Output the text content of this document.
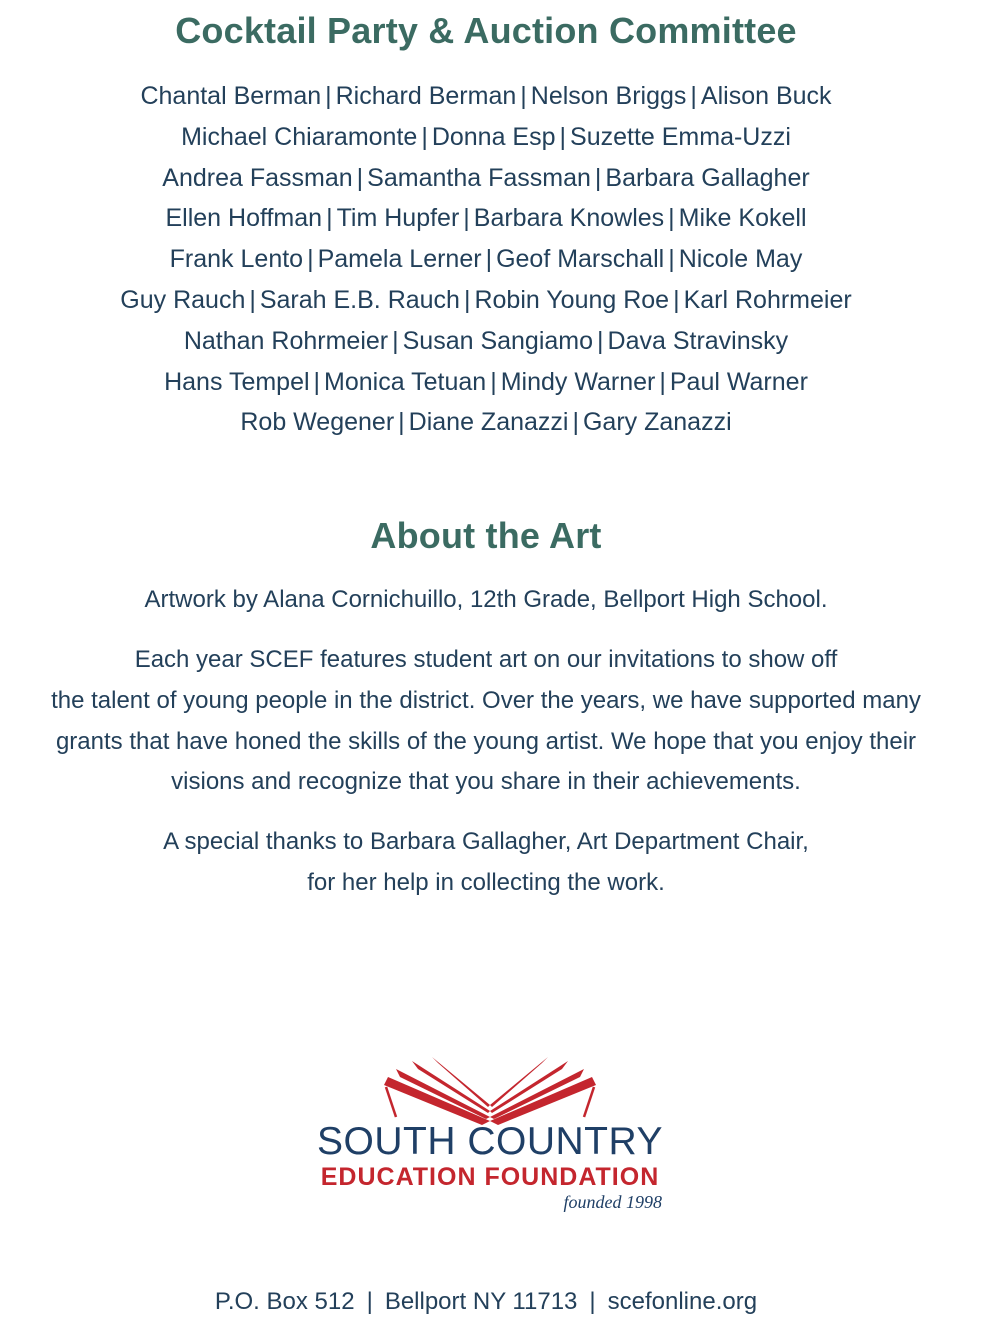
Cocktail Party & Auction Committee
Chantal Berman | Richard Berman | Nelson Briggs | Alison Buck
Michael Chiaramonte | Donna Esp | Suzette Emma-Uzzi
Andrea Fassman | Samantha Fassman | Barbara Gallagher
Ellen Hoffman | Tim Hupfer | Barbara Knowles | Mike Kokell
Frank Lento | Pamela Lerner | Geof Marschall | Nicole May
Guy Rauch | Sarah E.B. Rauch | Robin Young Roe | Karl Rohrmeier
Nathan Rohrmeier | Susan Sangiamo | Dava Stravinsky
Hans Tempel | Monica Tetuan | Mindy Warner | Paul Warner
Rob Wegener | Diane Zanazzi | Gary Zanazzi
About the Art
Artwork by Alana Cornichuillo, 12th Grade, Bellport High School.
Each year SCEF features student art on our invitations to show off
the talent of young people in the district. Over the years, we have supported many
grants that have honed the skills of the young artist. We hope that you enjoy their
visions and recognize that you share in their achievements.
A special thanks to Barbara Gallagher, Art Department Chair,
for her help in collecting the work.
SOUTH COUNTRY
EDUCATION FOUNDATION
founded 1998
P.O. Box 512 | Bellport NY 11713 | scefonline.org
